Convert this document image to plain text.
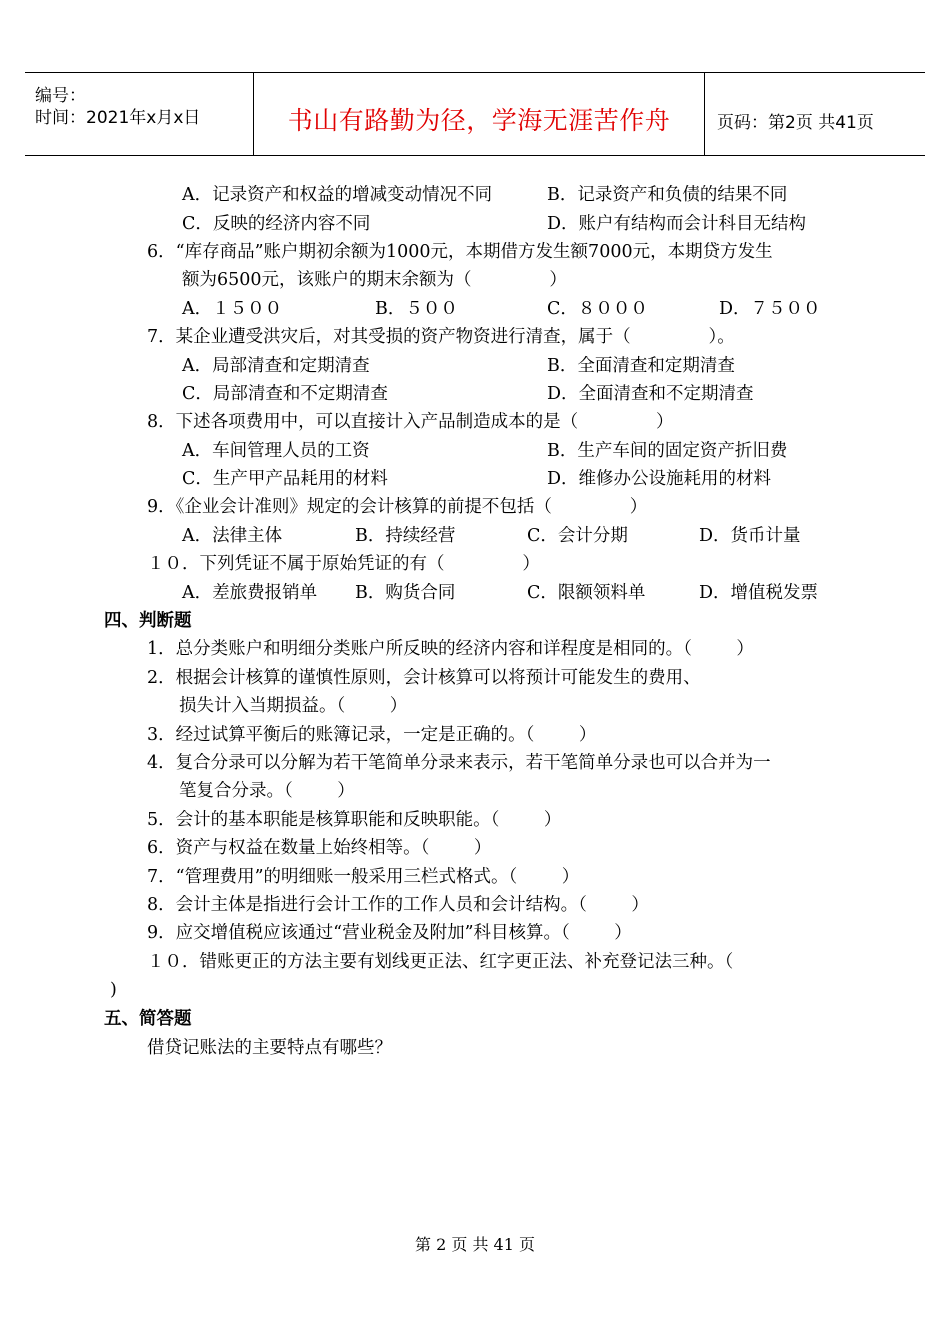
编号：
时间：2021年x月x日	书山有路勤为径，学海无涯苦作舟	页码：第2页 共41页
A．记录资产和权益的增减变动情况不同	B．记录资产和负债的结果不同
C．反映的经济内容不同	D．账户有结构而会计科目无结构
6．“库存商品”账户期初余额为1000元，本期借方发生额7000元，本期贷方发生
额为6500元，该账户的期末余额为（              ）
A．１５００	B．５００	C．８０００	D．７５００
7．某企业遭受洪灾后，对其受损的资产物资进行清查，属于（              ）。
A．局部清查和定期清查	B．全面清查和定期清查
C．局部清查和不定期清查	D．全面清查和不定期清查
8．下述各项费用中，可以直接计入产品制造成本的是（              ）
A．车间管理人员的工资	B．生产车间的固定资产折旧费
C．生产甲产品耗用的材料	D．维修办公设施耗用的材料
9．《企业会计准则》规定的会计核算的前提不包括（              ）
A．法律主体	B．持续经营	C．会计分期	D．货币计量
１０．下列凭证不属于原始凭证的有（              ）
A．差旅费报销单 B．购货合同	C．限额领料单	D．增值税发票
四、判断题
1．总分类账户和明细分类账户所反映的经济内容和详程度是相同的。（        ）
2．根据会计核算的谨慎性原则，会计核算可以将预计可能发生的费用、
损失计入当期损益。（        ）
3．经过试算平衡后的账簿记录，一定是正确的。（        ）
4．复合分录可以分解为若干笔简单分录来表示，若干笔简单分录也可以合并为一
笔复合分录。（        ）
5．会计的基本职能是核算职能和反映职能。（        ）
6．资产与权益在数量上始终相等。（        ）
7．“管理费用”的明细账一般采用三栏式格式。（        ）
8．会计主体是指进行会计工作的工作人员和会计结构。（        ）
9．应交增值税应该通过“营业税金及附加”科目核算。（        ）
１０．错账更正的方法主要有划线更正法、红字更正法、补充登记法三种。（
)
五、简答题
借贷记账法的主要特点有哪些？
第 2 页 共 41 页
